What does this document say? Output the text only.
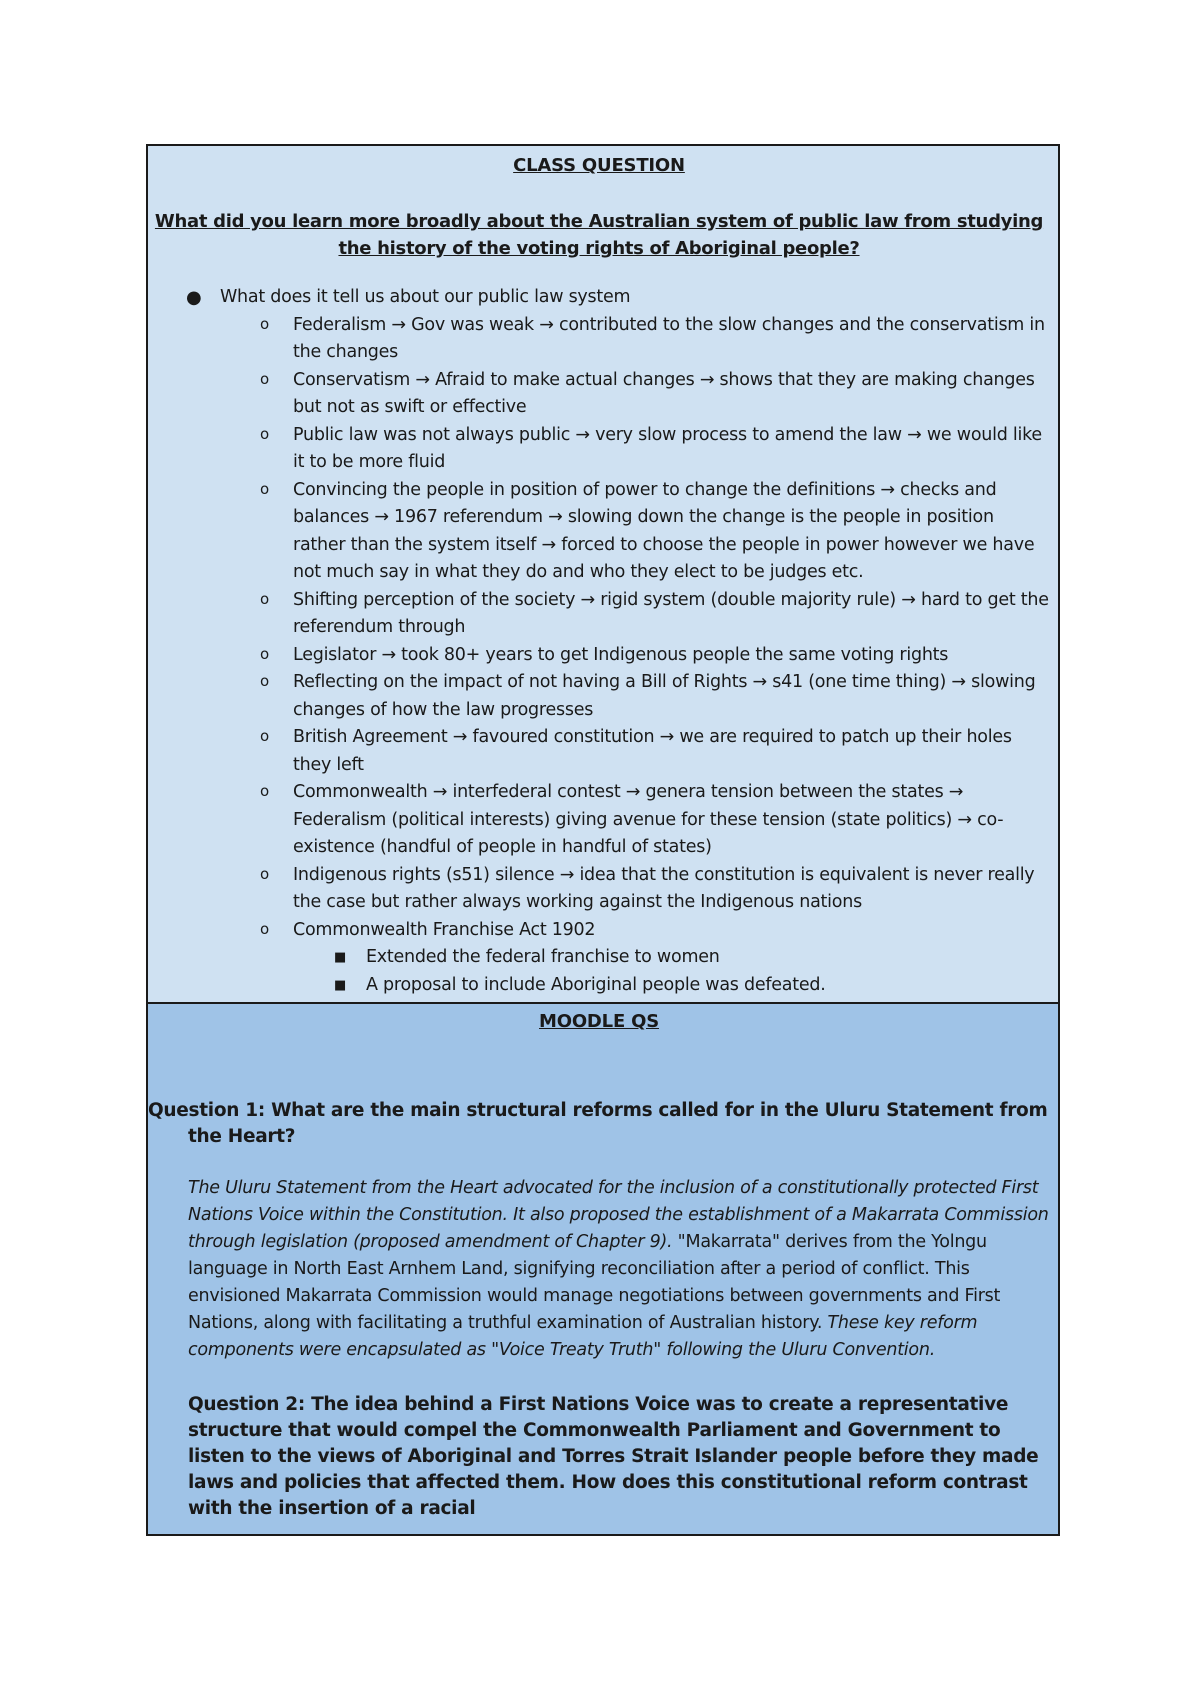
CLASS QUESTION

What did you learn more broadly about the Australian system of public law from studying the history of the voting rights of Aboriginal people?

● What does it tell us about our public law system
o Federalism → Gov was weak → contributed to the slow changes and the conservatism in the changes
o Conservatism → Afraid to make actual changes → shows that they are making changes but not as swift or effective
o Public law was not always public → very slow process to amend the law → we would like it to be more fluid
o Convincing the people in position of power to change the definitions → checks and balances → 1967 referendum → slowing down the change is the people in position rather than the system itself → forced to choose the people in power however we have not much say in what they do and who they elect to be judges etc.
o Shifting perception of the society → rigid system (double majority rule) → hard to get the referendum through
o Legislator → took 80+ years to get Indigenous people the same voting rights
o Reflecting on the impact of not having a Bill of Rights → s41 (one time thing) → slowing changes of how the law progresses
o British Agreement → favoured constitution → we are required to patch up their holes they left
o Commonwealth → interfederal contest → genera tension between the states → Federalism (political interests) giving avenue for these tension (state politics) → co-existence (handful of people in handful of states)
o Indigenous rights (s51) silence → idea that the constitution is equivalent is never really the case but rather always working against the Indigenous nations
o Commonwealth Franchise Act 1902
■ Extended the federal franchise to women
■ A proposal to include Aboriginal people was defeated.

MOODLE QS

Question 1: What are the main structural reforms called for in the Uluru Statement from the Heart?

The Uluru Statement from the Heart advocated for the inclusion of a constitutionally protected First Nations Voice within the Constitution. It also proposed the establishment of a Makarrata Commission through legislation (proposed amendment of Chapter 9). "Makarrata" derives from the Yolngu language in North East Arnhem Land, signifying reconciliation after a period of conflict. This envisioned Makarrata Commission would manage negotiations between governments and First Nations, along with facilitating a truthful examination of Australian history. These key reform components were encapsulated as "Voice Treaty Truth" following the Uluru Convention.

Question 2: The idea behind a First Nations Voice was to create a representative structure that would compel the Commonwealth Parliament and Government to listen to the views of Aboriginal and Torres Strait Islander people before they made laws and policies that affected them. How does this constitutional reform contrast with the insertion of a racial
